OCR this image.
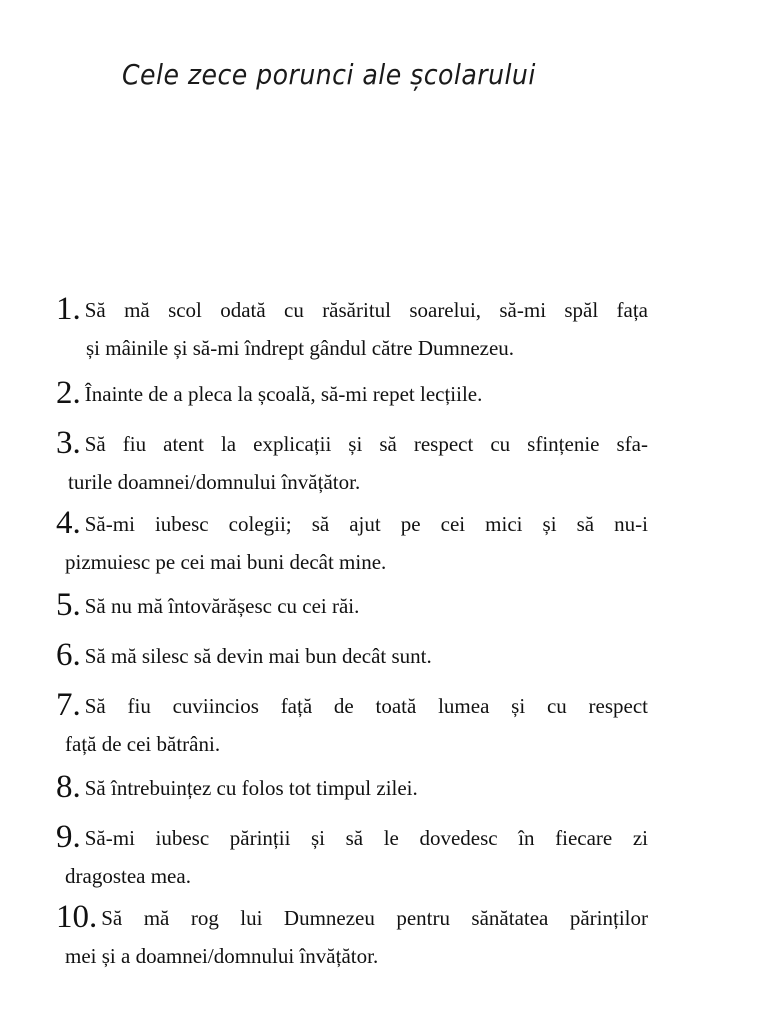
Cele zece porunci ale școlarului
1. Să mă scol odată cu răsăritul soarelui, să-mi spăl fața
și mâinile și să-mi îndrept gândul către Dumnezeu.
2. Înainte de a pleca la școală, să-mi repet lecțiile.
3. Să fiu atent la explicații și să respect cu sfințenie sfa-
turile doamnei/domnului învățător.
4. Să-mi iubesc colegii; să ajut pe cei mici și să nu-i
pizmuiesc pe cei mai buni decât mine.
5. Să nu mă întovărășesc cu cei răi.
6. Să mă silesc să devin mai bun decât sunt.
7. Să fiu cuviincios față de toată lumea și cu respect
față de cei bătrâni.
8. Să întrebuințez cu folos tot timpul zilei.
9. Să-mi iubesc părinții și să le dovedesc în fiecare zi
dragostea mea.
10. Să mă rog lui Dumnezeu pentru sănătatea părinților
mei și a doamnei/domnului învățător.
